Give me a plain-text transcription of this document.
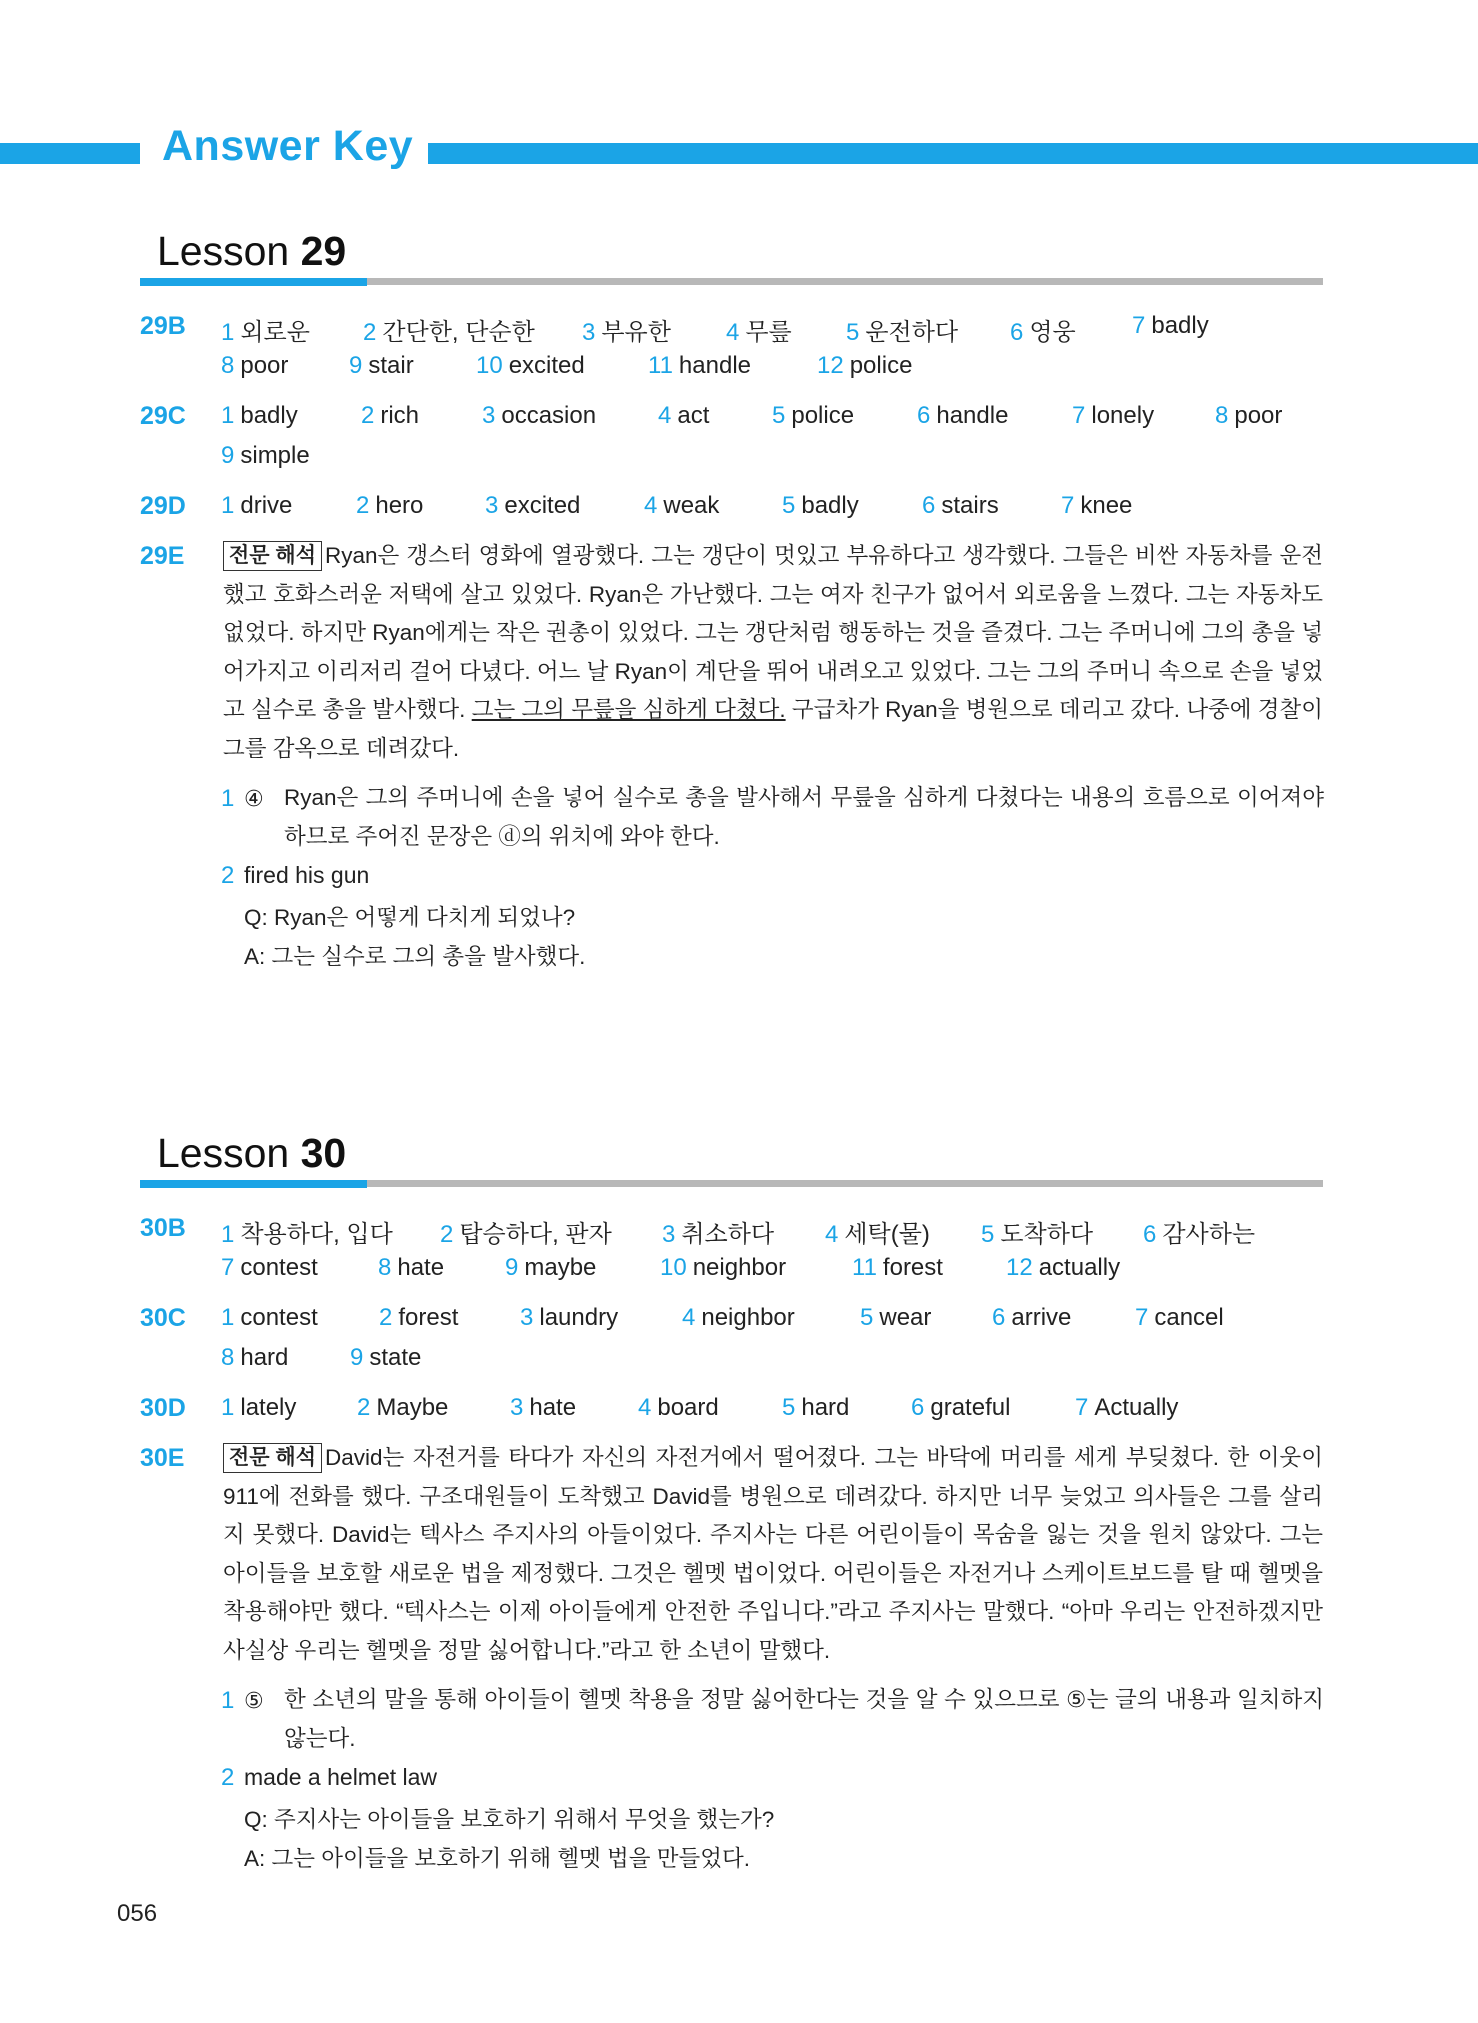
Answer Key
Lesson 29
29B 1 외로운 2 간단한, 단순한 3 부유한 4 무릎 5 운전하다 6 영웅 7 badly
8 poor	9 stair	10 excited	11 handle	12 police
29C 1 badly	2 rich	3 occasion	4 act	5 police	6 handle	7 lonely	8 poor
9 simple
29D 1 drive	2 hero	3 excited	4 weak	5 badly	6 stairs	7 knee
29E 전문 해석 Ryan은 갱스터 영화에 열광했다. 그는 갱단이 멋있고 부유하다고 생각했다. 그들은 비싼 자동차를 운전했고 호화스러운 저택에 살고 있었다. Ryan은 가난했다. 그는 여자 친구가 없어서 외로움을 느꼈다. 그는 자동차도 없었다. 하지만 Ryan에게는 작은 권총이 있었다. 그는 갱단처럼 행동하는 것을 즐겼다. 그는 주머니에 그의 총을 넣어가지고 이리저리 걸어 다녔다. 어느 날 Ryan이 계단을 뛰어 내려오고 있었다. 그는 그의 주머니 속으로 손을 넣었고 실수로 총을 발사했다. 그는 그의 무릎을 심하게 다쳤다. 구급차가 Ryan을 병원으로 데리고 갔다. 나중에 경찰이 그를 감옥으로 데려갔다.
1 ④ Ryan은 그의 주머니에 손을 넣어 실수로 총을 발사해서 무릎을 심하게 다쳤다는 내용의 흐름으로 이어져야 하므로 주어진 문장은 ⓓ의 위치에 와야 한다.
2 fired his gun
Q: Ryan은 어떻게 다치게 되었나?
A: 그는 실수로 그의 총을 발사했다.
Lesson 30
30B 1 착용하다, 입다 2 탑승하다, 판자 3 취소하다 4 세탁(물) 5 도착하다 6 감사하는
7 contest	8 hate	9 maybe	10 neighbor	11 forest	12 actually
30C 1 contest	2 forest	3 laundry	4 neighbor	5 wear	6 arrive	7 cancel
8 hard	9 state
30D 1 lately	2 Maybe	3 hate	4 board	5 hard	6 grateful	7 Actually
30E 전문 해석 David는 자전거를 타다가 자신의 자전거에서 떨어졌다. 그는 바닥에 머리를 세게 부딪쳤다. 한 이웃이 911에 전화를 했다. 구조대원들이 도착했고 David를 병원으로 데려갔다. 하지만 너무 늦었고 의사들은 그를 살리지 못했다. David는 텍사스 주지사의 아들이었다. 주지사는 다른 어린이들이 목숨을 잃는 것을 원치 않았다. 그는 아이들을 보호할 새로운 법을 제정했다. 그것은 헬멧 법이었다. 어린이들은 자전거나 스케이트보드를 탈 때 헬멧을 착용해야만 했다. “텍사스는 이제 아이들에게 안전한 주입니다.”라고 주지사는 말했다. “아마 우리는 안전하겠지만 사실상 우리는 헬멧을 정말 싫어합니다.”라고 한 소년이 말했다.
1 ⑤ 한 소년의 말을 통해 아이들이 헬멧 착용을 정말 싫어한다는 것을 알 수 있으므로 ⑤는 글의 내용과 일치하지 않는다.
2 made a helmet law
Q: 주지사는 아이들을 보호하기 위해서 무엇을 했는가?
A: 그는 아이들을 보호하기 위해 헬멧 법을 만들었다.
056
